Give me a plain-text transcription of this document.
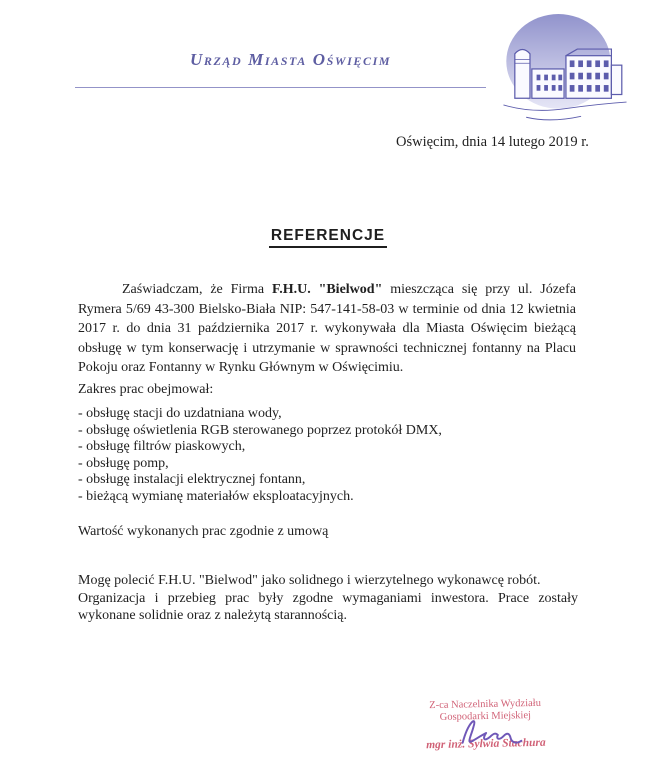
Urząd Miasta Oświęcim
Oświęcim, dnia 14 lutego 2019 r.
REFERENCJE

Zaświadczam, że Firma F.H.U. "Bielwod" mieszcząca się przy ul. Józefa Rymera 5/69 43-300 Bielsko-Biała NIP: 547-141-58-03 w terminie od dnia 12 kwietnia 2017 r. do dnia 31 października 2017 r. wykonywała dla Miasta Oświęcim bieżącą obsługę w tym konserwację i utrzymanie w sprawności technicznej fontanny na Placu Pokoju oraz Fontanny w Rynku Głównym w Oświęcimiu.

Zakres prac obejmował:
- obsługę stacji do uzdatniana wody,
- obsługę oświetlenia RGB sterowanego poprzez protokół DMX,
- obsługę filtrów piaskowych,
- obsługę pomp,
- obsługę instalacji elektrycznej fontann,
- bieżącą wymianę materiałów eksploatacyjnych.
Wartość wykonanych prac zgodnie z umową
Mogę polecić F.H.U. "Bielwod" jako solidnego i wierzytelnego wykonawcę robót.
Organizacja i przebieg prac były zgodne wymaganiami inwestora. Prace zostały wykonane solidnie oraz z należytą starannością.
Z-ca Naczelnika Wydziału
Gospodarki Miejskiej
mgr inż. Sylwia Stachura
